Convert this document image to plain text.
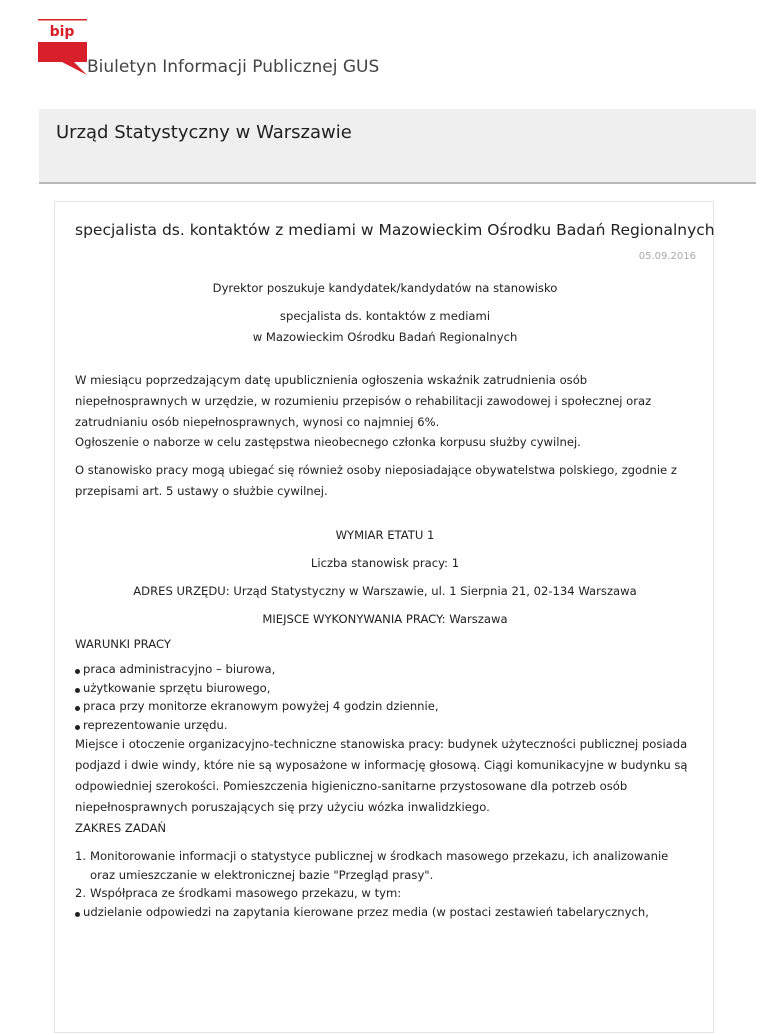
bip
Biuletyn Informacji Publicznej GUS
Urząd Statystyczny w Warszawie
specjalista ds. kontaktów z mediami w Mazowieckim Ośrodku Badań Regionalnych
05.09.2016
Dyrektor poszukuje kandydatek/kandydatów na stanowisko
specjalista ds. kontaktów z mediami
w Mazowieckim Ośrodku Badań Regionalnych
W miesiącu poprzedzającym datę upublicznienia ogłoszenia wskaźnik zatrudnienia osób niepełnosprawnych w urzędzie, w rozumieniu przepisów o rehabilitacji zawodowej i społecznej oraz zatrudnianiu osób niepełnosprawnych, wynosi co najmniej 6%.
Ogłoszenie o naborze w celu zastępstwa nieobecnego członka korpusu służby cywilnej.
O stanowisko pracy mogą ubiegać się również osoby nieposiadające obywatelstwa polskiego, zgodnie z przepisami art. 5 ustawy o służbie cywilnej.
WYMIAR ETATU 1
Liczba stanowisk pracy: 1
ADRES URZĘDU: Urząd Statystyczny w Warszawie, ul. 1 Sierpnia 21, 02-134 Warszawa
MIEJSCE WYKONYWANIA PRACY: Warszawa
WARUNKI PRACY
praca administracyjno – biurowa,
użytkowanie sprzętu biurowego,
praca przy monitorze ekranowym powyżej 4 godzin dziennie,
reprezentowanie urzędu.
Miejsce i otoczenie organizacyjno-techniczne stanowiska pracy: budynek użyteczności publicznej posiada podjazd i dwie windy, które nie są wyposażone w informację głosową. Ciągi komunikacyjne w budynku są odpowiedniej szerokości. Pomieszczenia higieniczno-sanitarne przystosowane dla potrzeb osób niepełnosprawnych poruszających się przy użyciu wózka inwalidzkiego.
ZAKRES ZADAŃ
1. Monitorowanie informacji o statystyce publicznej w środkach masowego przekazu, ich analizowanie oraz umieszczanie w elektronicznej bazie "Przegląd prasy".
2. Współpraca ze środkami masowego przekazu, w tym:
udzielanie odpowiedzi na zapytania kierowane przez media (w postaci zestawień tabelarycznych,
